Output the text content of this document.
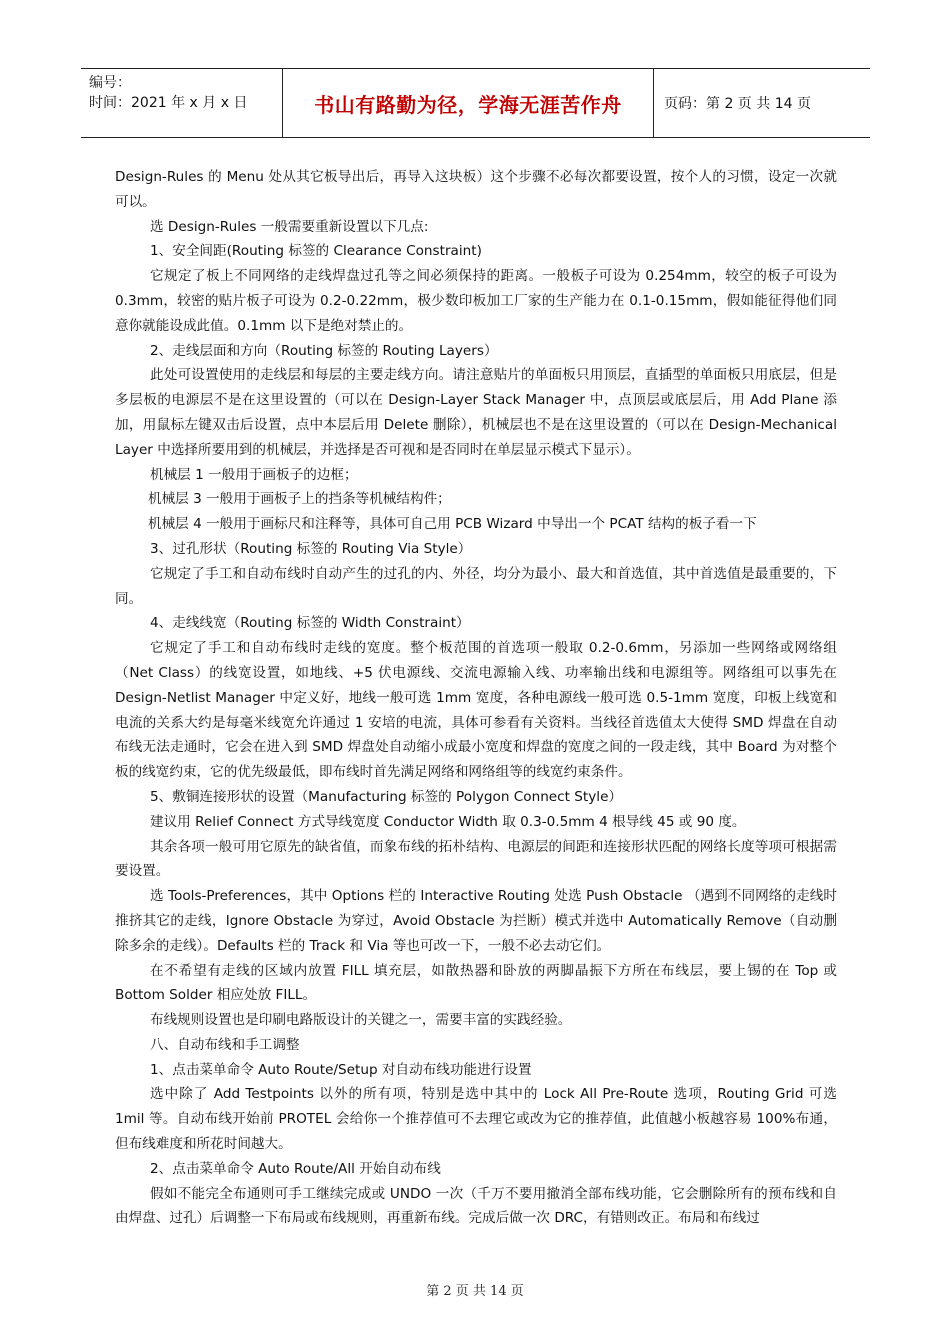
编号：
时间：2021 年 x 月 x 日	书山有路勤为径，学海无涯苦作舟	页码：第 2 页 共 14 页

Design-Rules 的 Menu 处从其它板导出后，再导入这块板）这个步骤不必每次都要设置，按个人的习惯，设定一次就可以。

选 Design-Rules 一般需要重新设置以下几点:

1、安全间距(Routing 标签的 Clearance Constraint)

它规定了板上不同网络的走线焊盘过孔等之间必须保持的距离。一般板子可设为 0.254mm，较空的板子可设为 0.3mm，较密的贴片板子可设为 0.2-0.22mm，极少数印板加工厂家的生产能力在 0.1-0.15mm，假如能征得他们同意你就能设成此值。0.1mm 以下是绝对禁止的。

2、走线层面和方向（Routing 标签的 Routing Layers）

此处可设置使用的走线层和每层的主要走线方向。请注意贴片的单面板只用顶层，直插型的单面板只用底层，但是多层板的电源层不是在这里设置的（可以在 Design-Layer Stack Manager 中，点顶层或底层后，用 Add Plane 添加，用鼠标左键双击后设置，点中本层后用 Delete 删除），机械层也不是在这里设置的（可以在 Design-Mechanical Layer 中选择所要用到的机械层，并选择是否可视和是否同时在单层显示模式下显示）。

机械层 1 一般用于画板子的边框；

机械层 3 一般用于画板子上的挡条等机械结构件；

机械层 4 一般用于画标尺和注释等，具体可自己用 PCB Wizard 中导出一个 PCAT 结构的板子看一下

3、过孔形状（Routing 标签的 Routing Via Style）

它规定了手工和自动布线时自动产生的过孔的内、外径，均分为最小、最大和首选值，其中首选值是最重要的，下同。

4、走线线宽（Routing 标签的 Width Constraint）

它规定了手工和自动布线时走线的宽度。整个板范围的首选项一般取 0.2-0.6mm，另添加一些网络或网络组（Net Class）的线宽设置，如地线、+5 伏电源线、交流电源输入线、功率输出线和电源组等。网络组可以事先在 Design-Netlist Manager 中定义好，地线一般可选 1mm 宽度，各种电源线一般可选 0.5-1mm 宽度，印板上线宽和电流的关系大约是每毫米线宽允许通过 1 安培的电流，具体可参看有关资料。当线径首选值太大使得 SMD 焊盘在自动布线无法走通时，它会在进入到 SMD 焊盘处自动缩小成最小宽度和焊盘的宽度之间的一段走线，其中 Board 为对整个板的线宽约束，它的优先级最低，即布线时首先满足网络和网络组等的线宽约束条件。

5、敷铜连接形状的设置（Manufacturing 标签的 Polygon Connect Style）

建议用 Relief Connect 方式导线宽度 Conductor Width 取 0.3-0.5mm 4 根导线 45 或 90 度。

其余各项一般可用它原先的缺省值，而象布线的拓朴结构、电源层的间距和连接形状匹配的网络长度等项可根据需要设置。

选 Tools-Preferences，其中 Options 栏的 Interactive Routing 处选 Push Obstacle （遇到不同网络的走线时推挤其它的走线，Ignore Obstacle 为穿过，Avoid Obstacle 为拦断）模式并选中 Automatically Remove（自动删除多余的走线）。Defaults 栏的 Track 和 Via 等也可改一下，一般不必去动它们。

在不希望有走线的区域内放置 FILL 填充层，如散热器和卧放的两脚晶振下方所在布线层，要上锡的在 Top 或 Bottom Solder 相应处放 FILL。

布线规则设置也是印刷电路版设计的关键之一，需要丰富的实践经验。

八、自动布线和手工调整

1、点击菜单命令 Auto Route/Setup 对自动布线功能进行设置

选中除了 Add Testpoints 以外的所有项，特别是选中其中的 Lock All Pre-Route 选项，Routing Grid 可选 1mil 等。自动布线开始前 PROTEL 会给你一个推荐值可不去理它或改为它的推荐值，此值越小板越容易 100%布通，但布线难度和所花时间越大。

2、点击菜单命令 Auto Route/All 开始自动布线

假如不能完全布通则可手工继续完成或 UNDO 一次（千万不要用撤消全部布线功能，它会删除所有的预布线和自由焊盘、过孔）后调整一下布局或布线规则，再重新布线。完成后做一次 DRC，有错则改正。布局和布线过

第 2 页 共 14 页
